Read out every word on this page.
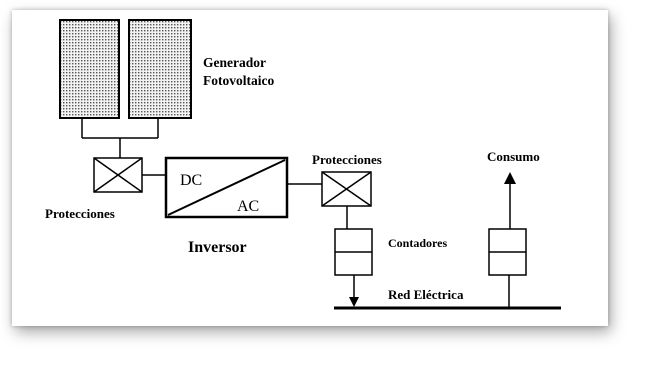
Generador
Fotovoltaico
Protecciones
DC
AC
Inversor
Protecciones
Contadores
Consumo
Red Eléctrica
